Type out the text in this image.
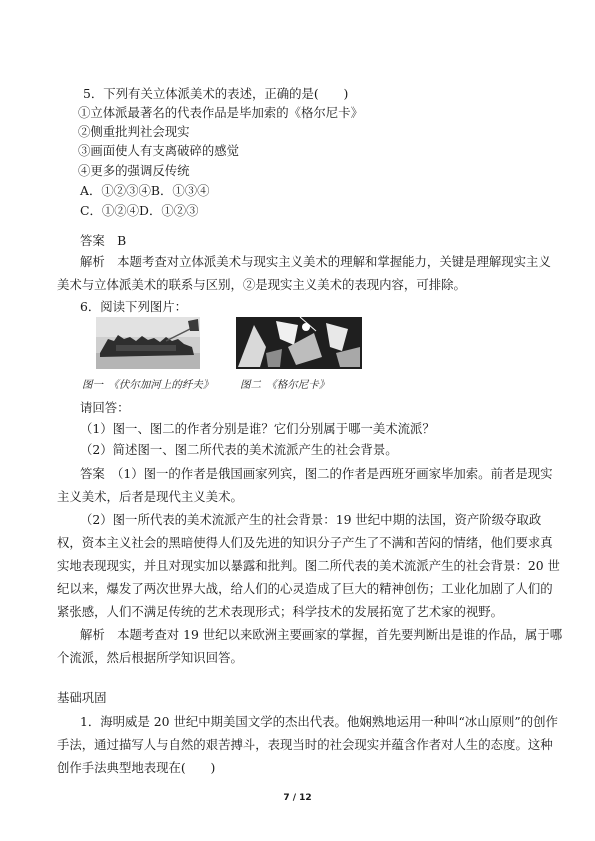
5．下列有关立体派美术的表述，正确的是(　　)
①立体派最著名的代表作品是毕加索的《格尔尼卡》
②侧重批判社会现实
③画面使人有支离破碎的感觉
④更多的强调反传统
A．①②③④B．①③④
C．①②④D．①②③
答案　B
解析　本题考查对立体派美术与现实主义美术的理解和掌握能力，关键是理解现实主义
美术与立体派美术的联系与区别，②是现实主义美术的表现内容，可排除。
6．阅读下列图片：
图一　《伏尔加河上的纤夫》	图二　《格尔尼卡》
请回答：
（1）图一、图二的作者分别是谁？它们分别属于哪一美术流派？
（2）简述图一、图二所代表的美术流派产生的社会背景。
答案　（1）图一的作者是俄国画家列宾，图二的作者是西班牙画家毕加索。前者是现实
主义美术，后者是现代主义美术。
（2）图一所代表的美术流派产生的社会背景：19 世纪中期的法国，资产阶级夺取政
权，资本主义社会的黑暗使得人们及先进的知识分子产生了不满和苦闷的情绪，他们要求真
实地表现现实，并且对现实加以暴露和批判。图二所代表的美术流派产生的社会背景：20 世
纪以来，爆发了两次世界大战，给人们的心灵造成了巨大的精神创伤；工业化加剧了人们的
紧张感，人们不满足传统的艺术表现形式；科学技术的发展拓宽了艺术家的视野。
解析　本题考查对 19 世纪以来欧洲主要画家的掌握，首先要判断出是谁的作品，属于哪
个流派，然后根据所学知识回答。
基础巩固
1．海明威是 20 世纪中期美国文学的杰出代表。他娴熟地运用一种叫“冰山原则”的创作
手法，通过描写人与自然的艰苦搏斗，表现当时的社会现实并蕴含作者对人生的态度。这种
创作手法典型地表现在(　　)
7 / 12
